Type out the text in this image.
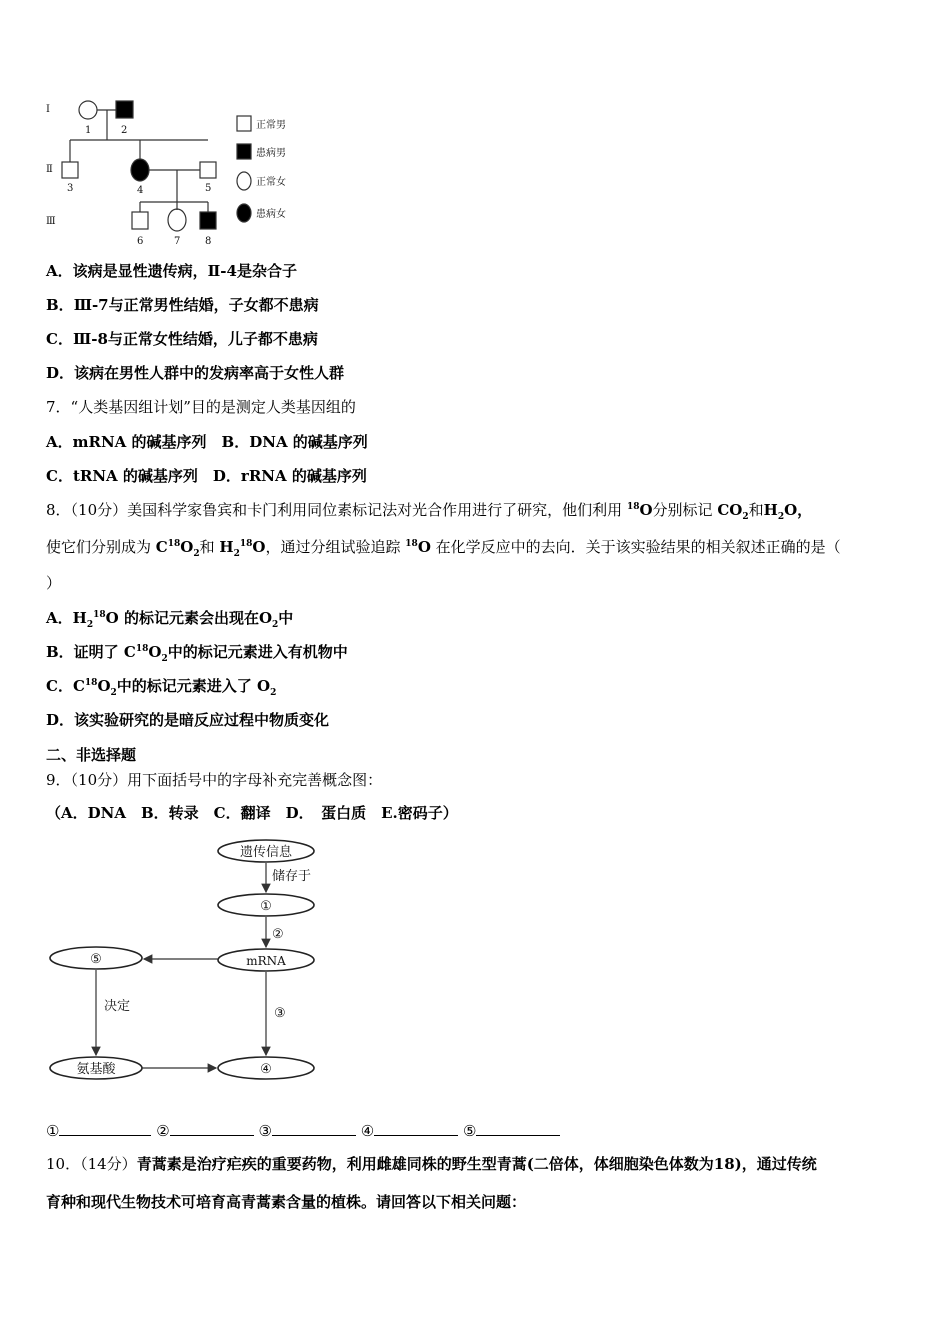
Ⅰ
Ⅱ
Ⅲ
1	2
3	4	5
6	7 8
正常男
患病男
正常女
患病女
A．该病是显性遗传病，Ⅱ-4是杂合子
B．Ⅲ-7与正常男性结婚，子女都不患病
C．Ⅲ-8与正常女性结婚，儿子都不患病
D．该病在男性人群中的发病率高于女性人群
7．“人类基因组计划”目的是测定人类基因组的
A．mRNA 的碱基序列　B．DNA 的碱基序列
C．tRNA 的碱基序列　D．rRNA 的碱基序列
8．（10分）美国科学家鲁宾和卡门利用同位素标记法对光合作用进行了研究，他们利用 $^{18}$O分别标记 $CO_2$和$H_2O$，
使它们分别成为 $C^{18}O_2$和 $H_2^{18}O$，通过分组试验追踪 $^{18}$O 在化学反应中的去向．关于该实验结果的相关叙述正确的是（
）
A．$H_2^{18}O$ 的标记元素会出现在$O_2$中
B．证明了 $C^{18}O_2$中的标记元素进入有机物中
C．$C^{18}O_2$中的标记元素进入了 $O_2$
D．该实验研究的是暗反应过程中物质变化
二、非选择题
9．（10分）用下面括号中的字母补充完善概念图：
（A．DNA　B．转录　C．翻译　D．　蛋白质　E.密码子）
遗传信息
①
mRNA
⑤
氨基酸	④
储存于
②
决定	③
①	②	③	④	⑤
10．（14分）青蒿素是治疗疟疾的重要药物，利用雌雄同株的野生型青蒿(二倍体，体细胞染色体数为18)，通过传统
育种和现代生物技术可培育高青蒿素含量的植株。请回答以下相关问题：
